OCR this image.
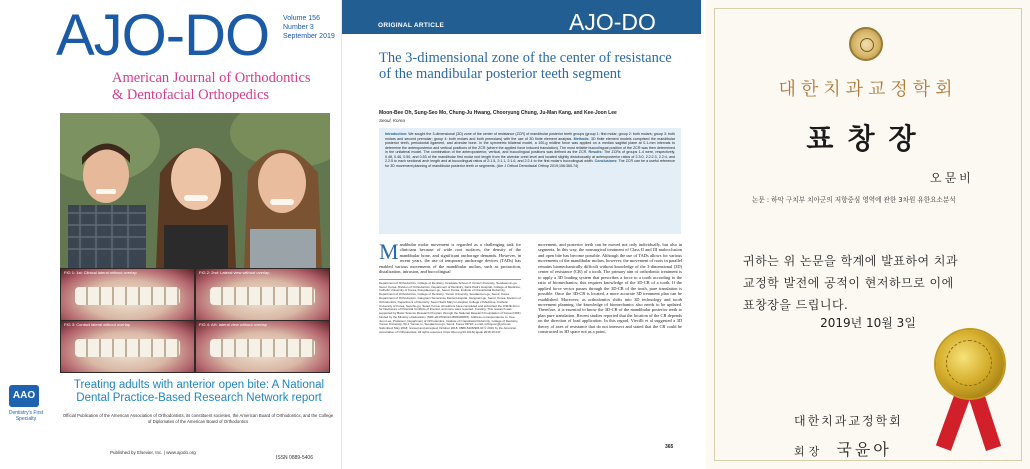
AJO-DO Volume 156
Number 3
September 2019
American Journal of Orthodontics
& Dentofacial Orthopedics
FIG 1: 1st: Clinical lateral without overlap	FIG 2: 2nd: Lateral view without overlap
FIG 3: Contact lateral without overlap	FIG 4: AH: lateral view without overlap
AAO
Dentistry's First Specialty
Treating adults with anterior open bite: A National Dental Practice-Based Research Network report
Official Publication of the American Association of Orthodontists, its constituent societies, the American Board of Orthodontics, and the College of Diplomates of the American Board of Orthodontics
Published by Elsevier, Inc. | www.ajodo.org
ISSN 0889-5406
ORIGINAL ARTICLE	AJO-DO
The 3-dimensional zone of the center of resistance of the mandibular posterior teeth segment
Moon-Bee Oh, Sung-Seo Mo, Chung-Ju Hwang, Chooryung Chung, Ju-Man Kang, and Kee-Joon Lee
Seoul, Korea
Introduction: We sought the 3-dimensional (3D) zone of the center of resistance (ZCR) of mandibular posterior teeth groups (group 1: first molar; group 2: both molars; group 3: both molars and second premolar; group 4: both molars and both premolars) with the use of 3D finite element analysis. Methods: 3D finite element models comprised the mandibular posterior teeth, periodontal ligament, and alveolar bone. In the symmetric bilateral model, a 100-g midline force was applied on a median sagittal plane at 0.1-mm intervals to determine the anteroposterior and vertical positions of the ZCR (where the applied force induced translation). The most reliable buccolingual position of the ZCR was then determined in the unilateral model. The combination of the anteroposterior, vertical, and buccolingual positions was defined as the ZCR. Results: The ZCRs of groups 1-4 were, respectively, 0.48, 0.46, 0.50, and 0.53 of the mandibular first molar root length from the alveolar crest level and located slightly distobuccally at anteroposterior ratios of 2.3:0, 2.2:2.3, 2.2:4, and 2.2:5 to each sectional arch length and at buccolingual ratios of 2:1.5, 2:1.1, 2:1.6, and 2:2.4 to the first molar's buccolingual width. Conclusions: The ZCR can be a useful reference for 3D movement planning of mandibular posterior teeth or segments. (Am J Orthod Dentofacial Orthop 2019;156:365-74)
Mandibular molar movement is regarded as a challenging task for clinicians because of wide root surfaces, the density of the mandibular bone, and significant anchorage demands. However, in recent years, the use of temporary anchorage devices (TADs) has enabled various movements of the mandibular molars, such as protraction, distalization, intrusion, and buccolingual
Department of Orthodontics, College of Dentistry, Graduate School of Yonsei University, Seodaemun-gu, Seoul, Korea. Division of Orthodontics, Department of Dentistry, Saint Paul's Hospital, College of Medicine, Catholic University of Korea, Dongdaemun-gu, Seoul, Korea. Institute of Craniofacial Deformity, Department of Orthodontics, College of Dentistry, Yonsei University, Seodaemun-gu, Seoul, Korea. Department of Orthodontics, Gangnam Severance Dental Hospital, Gangnam-gu, Seoul, Korea. Division of Orthodontics, Department of Dentistry, Seoul Saint Mary's Hospital, College of Medicine, Catholic University of Korea, Seocho-gu, Seoul, Korea. All authors have completed and submitted the ICMJE Form for Disclosure of Potential Conflicts of Interest, and none were reported. Funding: This research was supported by Basic Science Research Program through the National Research Foundation of Korea (NRF) funded by the Ministry of Education (NRF-2017R1D1A1B03030815). Address correspondence to: Kee-Joon Lee, Professor, Department of Orthodontics, Institute of Craniofacial Deformity, College of Dentistry, Yonsei University, 50-1 Yonsei-ro, Seodaemun-gu, Seoul, Korea 03722; e-mail, orthojoon@yuhs.ac. Submitted, May 2018; revised and accepted, October 2018. 0889-5406/$36.00 © 2019 by the American Association of Orthodontists. All rights reserved. https://doi.org/10.1016/j.ajodo.2018.10.017
movement, and posterior teeth can be moved not only individually, but also in segments. In this way, the nonsurgical treatment of Class II and III malocclusion and open bite has become possible. Although the use of TADs allows for various movements of the mandibular molars, however, the movement of roots in parallel remains biomechanically difficult without knowledge of the 3-dimensional (3D) center of resistance (CR) of a tooth. The primary aim of orthodontic treatment is to apply a 3D loading system that prescribes a force to a tooth according to the ratio of biomechanics; this requires knowledge of the 3D-CR of a tooth. If the applied force vector passes through the 3D-CR of the tooth, pure translation is possible. Once the 3D-CR is located, a more accurate 3D treatment plan can be established. Moreover, as orthodontics shifts into 3D technology and tooth movement planning, the knowledge of biomechanics also needs to be updated. Therefore, it is essential to know the 3D-CR of the mandibular posterior teeth to plan pure translation. Recent studies reported that the location of the CR depends on the direction of load application. In this regard, Viecilli et al suggested a 3D theory of axes of resistance that do not intersect and stated that the CR could be constructed in 3D space not as a point,
365
대한치과교정학회
표창장
오문비
논문 : 하악 구치부 치아군의 저항중심 영역에 관한 3차원 유한요소분석
귀하는 위 논문을 학계에 발표하여 치과
교정학 발전에 공적이 현저하므로 이에
표창장을 드립니다.
2019년 10월 3일
대한치과교정학회
회장 국윤아
